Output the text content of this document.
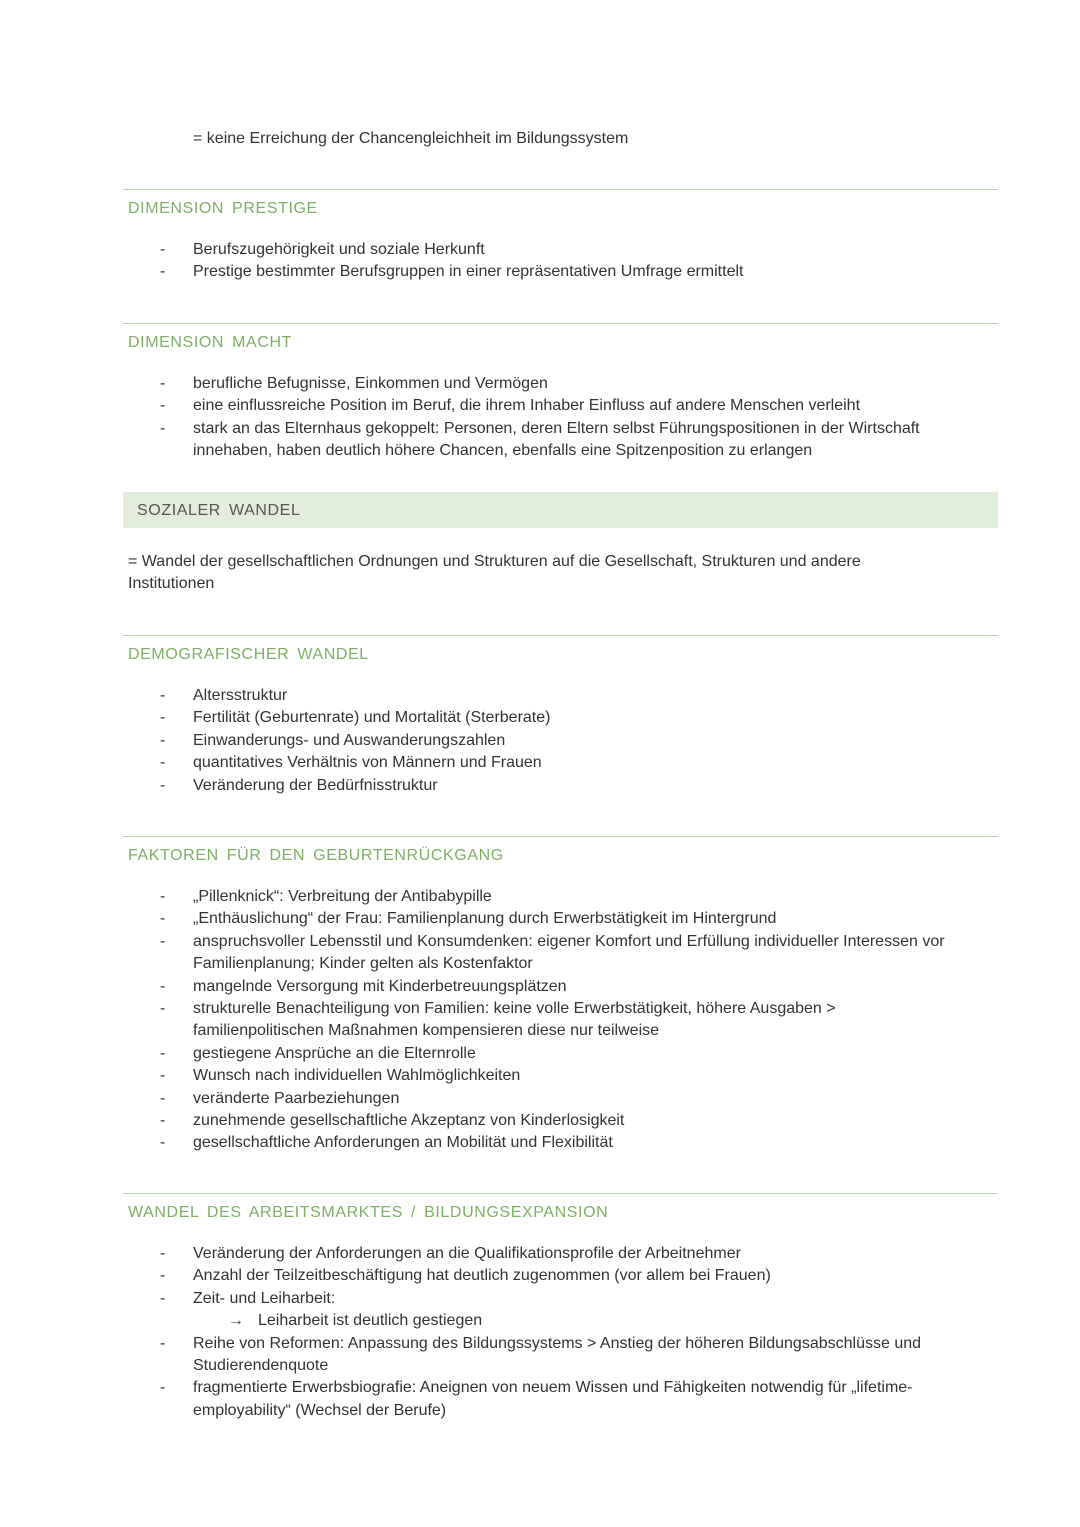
= keine Erreichung der Chancengleichheit im Bildungssystem
DIMENSION PRESTIGE
- Berufszugehörigkeit und soziale Herkunft
- Prestige bestimmter Berufsgruppen in einer repräsentativen Umfrage ermittelt
DIMENSION MACHT
- berufliche Befugnisse, Einkommen und Vermögen
- eine einflussreiche Position im Beruf, die ihrem Inhaber Einfluss auf andere Menschen verleiht
- stark an das Elternhaus gekoppelt: Personen, deren Eltern selbst Führungspositionen in der Wirtschaft innehaben, haben deutlich höhere Chancen, ebenfalls eine Spitzenposition zu erlangen
SOZIALER WANDEL
= Wandel der gesellschaftlichen Ordnungen und Strukturen auf die Gesellschaft, Strukturen und andere Institutionen
DEMOGRAFISCHER WANDEL
- Altersstruktur
- Fertilität (Geburtenrate) und Mortalität (Sterberate)
- Einwanderungs- und Auswanderungszahlen
- quantitatives Verhältnis von Männern und Frauen
- Veränderung der Bedürfnisstruktur
FAKTOREN FÜR DEN GEBURTENRÜCKGANG
- „Pillenknick“: Verbreitung der Antibabypille
- „Enthäuslichung“ der Frau: Familienplanung durch Erwerbstätigkeit im Hintergrund
- anspruchsvoller Lebensstil und Konsumdenken: eigener Komfort und Erfüllung individueller Interessen vor Familienplanung; Kinder gelten als Kostenfaktor
- mangelnde Versorgung mit Kinderbetreuungsplätzen
- strukturelle Benachteiligung von Familien: keine volle Erwerbstätigkeit, höhere Ausgaben > familienpolitischen Maßnahmen kompensieren diese nur teilweise
- gestiegene Ansprüche an die Elternrolle
- Wunsch nach individuellen Wahlmöglichkeiten
- veränderte Paarbeziehungen
- zunehmende gesellschaftliche Akzeptanz von Kinderlosigkeit
- gesellschaftliche Anforderungen an Mobilität und Flexibilität
WANDEL DES ARBEITSMARKTES / BILDUNGSEXPANSION
- Veränderung der Anforderungen an die Qualifikationsprofile der Arbeitnehmer
- Anzahl der Teilzeitbeschäftigung hat deutlich zugenommen (vor allem bei Frauen)
- Zeit- und Leiharbeit:
→ Leiharbeit ist deutlich gestiegen
- Reihe von Reformen: Anpassung des Bildungssystems > Anstieg der höheren Bildungsabschlüsse und Studierendenquote
- fragmentierte Erwerbsbiografie: Aneignen von neuem Wissen und Fähigkeiten notwendig für „lifetime-employability“ (Wechsel der Berufe)
